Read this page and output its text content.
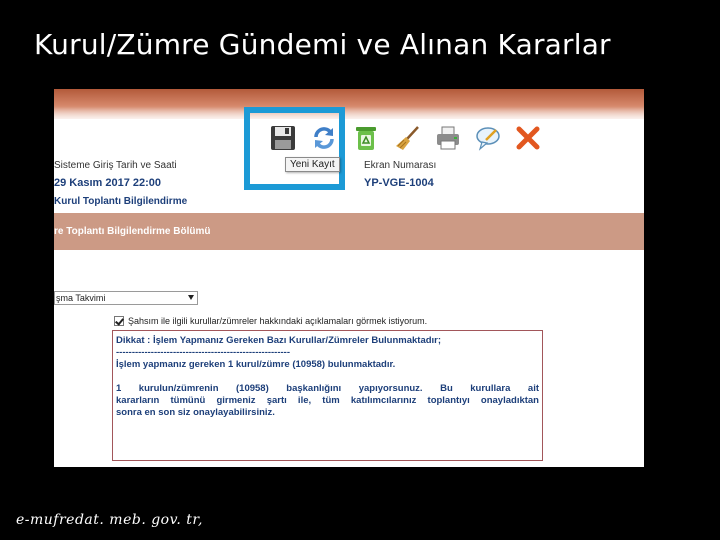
Kurul/Zümre Gündemi ve Alınan Kararlar
Yeni Kayıt
Sisteme Giriş Tarih ve Saati
29 Kasım 2017 22:00
Ekran Numarası
YP-VGE-1004
Kurul Toplantı Bilgilendirme
re Toplantı Bilgilendirme Bölümü
şma Takvimi
Şahsım ile ilgili kurullar/zümreler hakkındaki açıklamaları görmek istiyorum.
Dikkat : İşlem Yapmanız Gereken Bazı Kurullar/Zümreler Bulunmaktadır;
-------------------------------------------------------
İşlem yapmanız gereken 1 kurul/zümre (10958) bulunmaktadır.
1 kurulun/zümrenin (10958) başkanlığını yapıyorsunuz. Bu kurullara ait
kararların tümünü girmeniz şartı ile, tüm katılımcılarınız toplantıyı onayladıktan
sonra en son siz onaylayabilirsiniz.
e-mufredat. meb. gov. tr,
